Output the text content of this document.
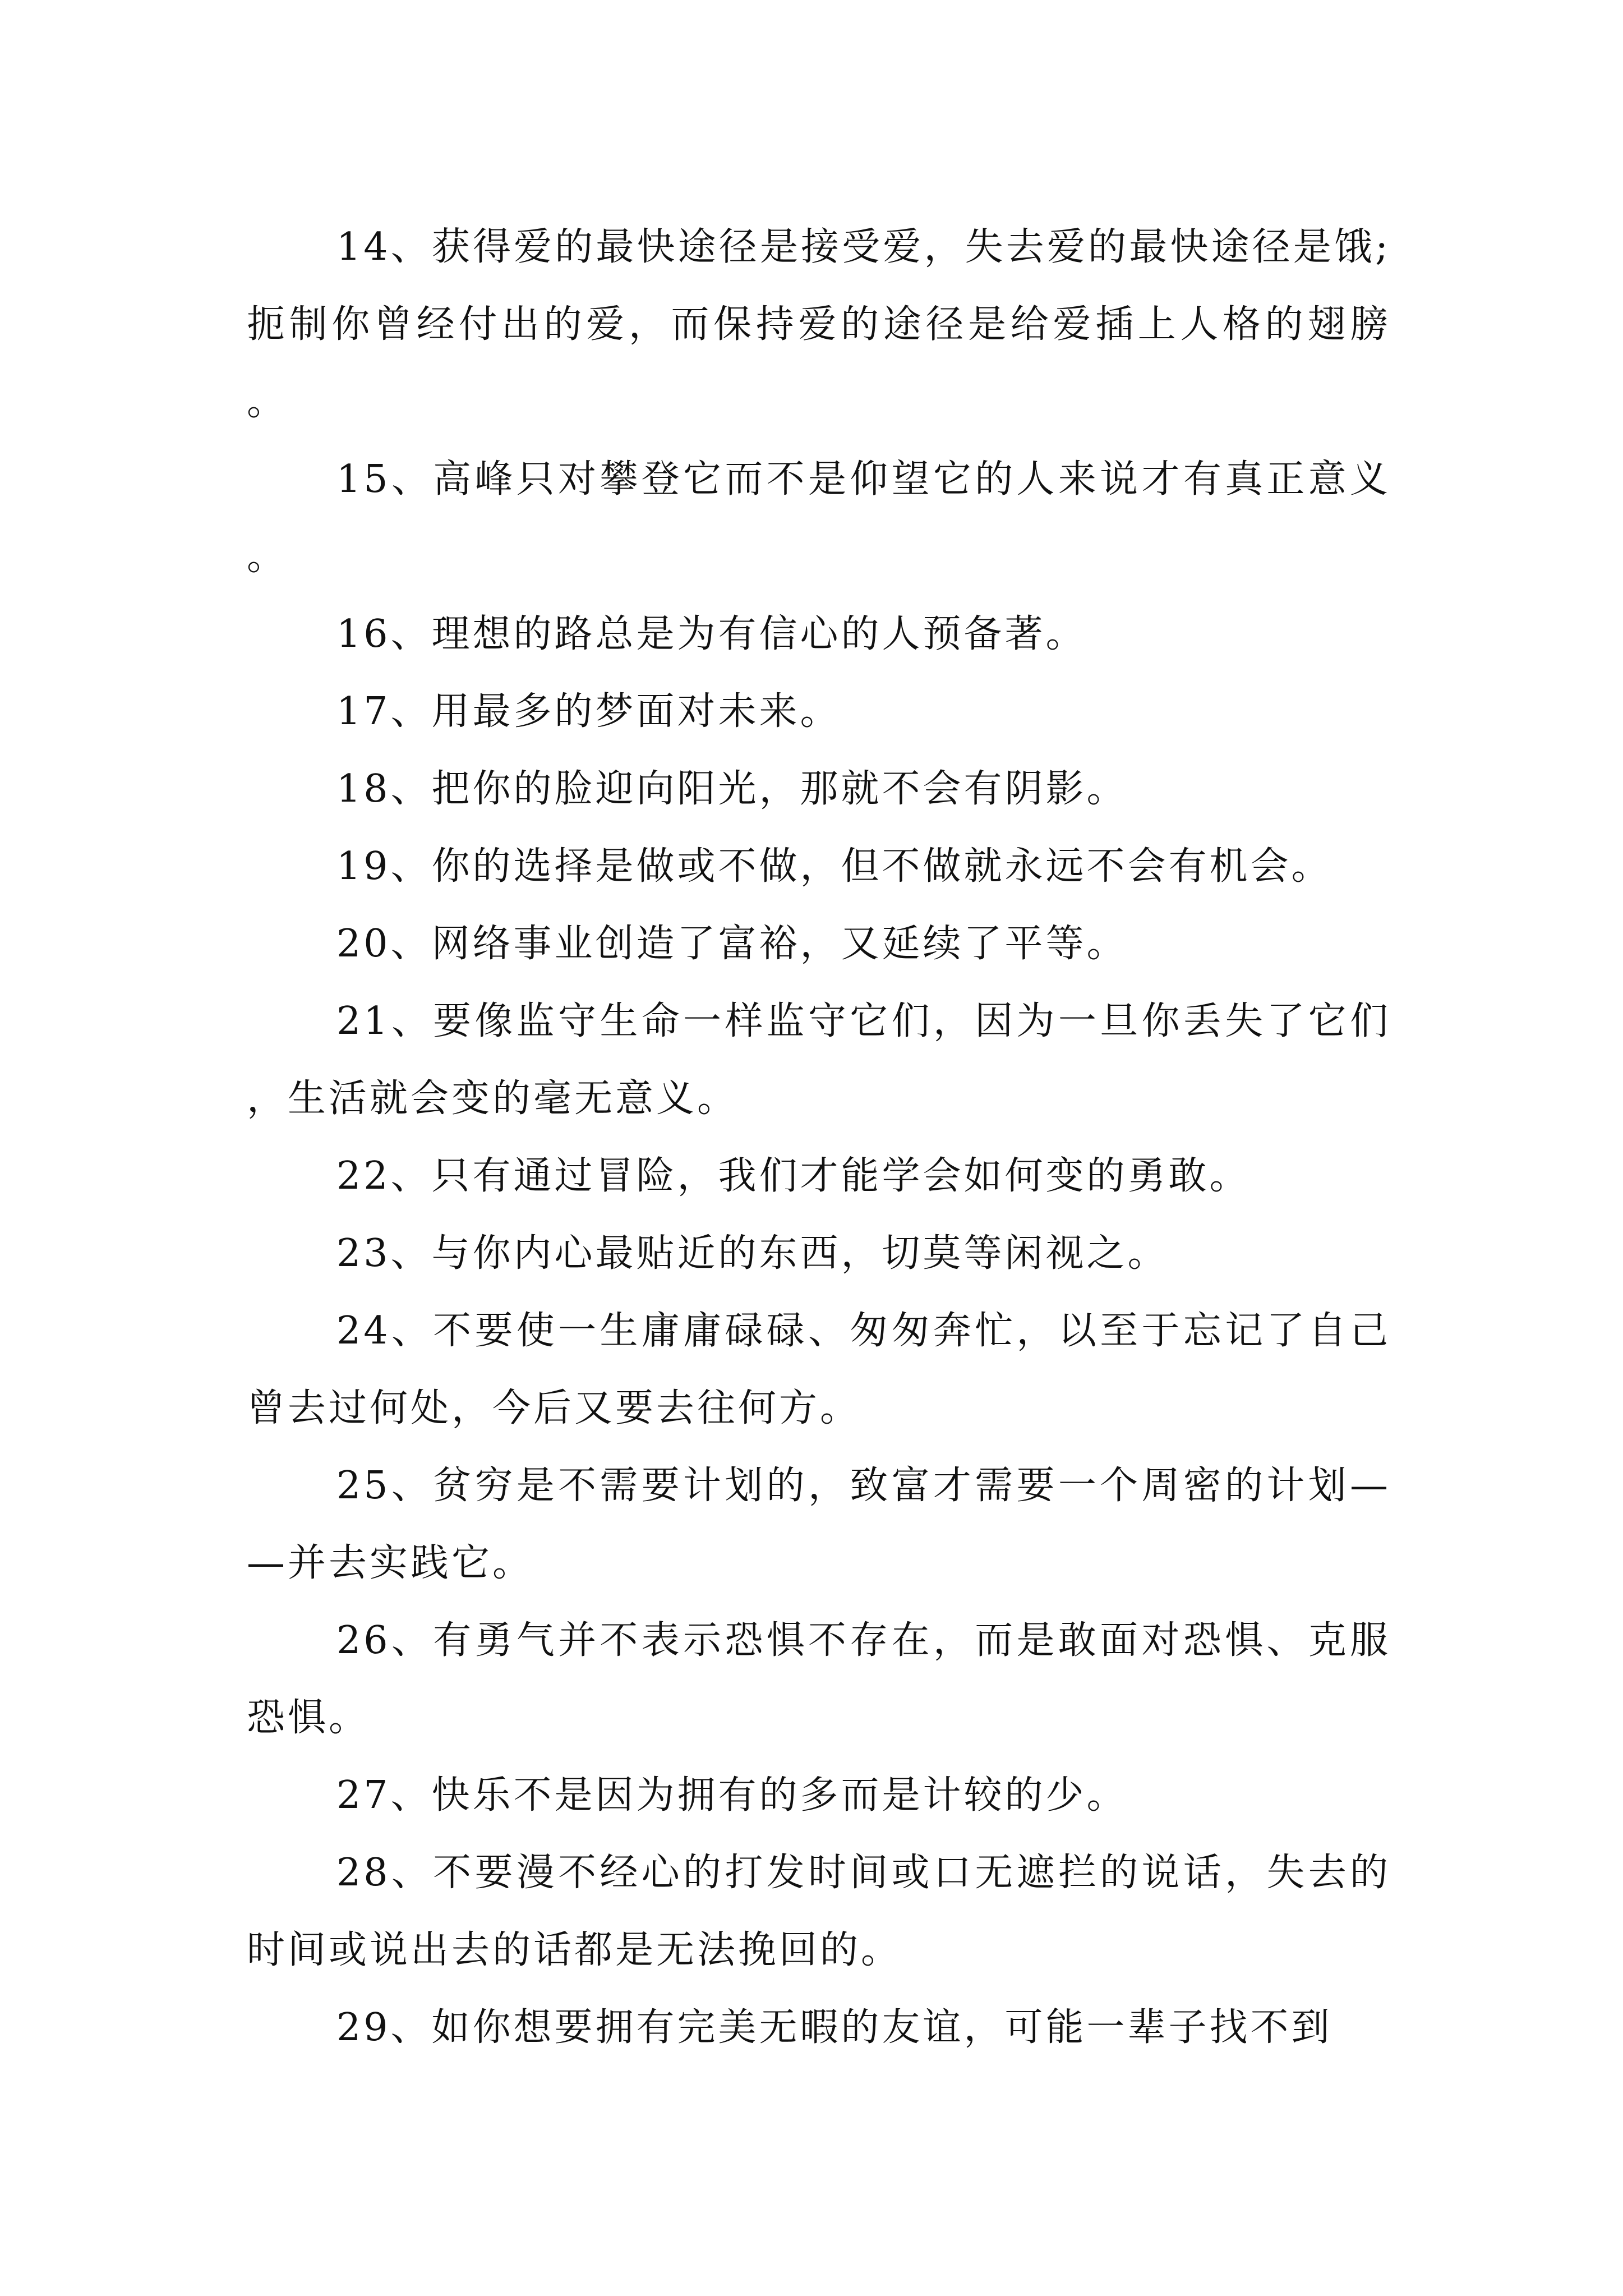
14、获得爱的最快途径是接受爱，失去爱的最快途径是饿;扼制你曾经付出的爱，而保持爱的途径是给爱插上人格的翅膀。

15、高峰只对攀登它而不是仰望它的人来说才有真正意义。

16、理想的路总是为有信心的人预备著。

17、用最多的梦面对未来。

18、把你的脸迎向阳光，那就不会有阴影。

19、你的选择是做或不做，但不做就永远不会有机会。

20、网络事业创造了富裕，又延续了平等。

21、要像监守生命一样监守它们，因为一旦你丢失了它们，生活就会变的毫无意义。

22、只有通过冒险，我们才能学会如何变的勇敢。

23、与你内心最贴近的东西，切莫等闲视之。

24、不要使一生庸庸碌碌、匆匆奔忙，以至于忘记了自己曾去过何处，今后又要去往何方。

25、贫穷是不需要计划的，致富才需要一个周密的计划——并去实践它。

26、有勇气并不表示恐惧不存在，而是敢面对恐惧、克服恐惧。

27、快乐不是因为拥有的多而是计较的少。

28、不要漫不经心的打发时间或口无遮拦的说话，失去的时间或说出去的话都是无法挽回的。

29、如你想要拥有完美无暇的友谊，可能一辈子找不到
